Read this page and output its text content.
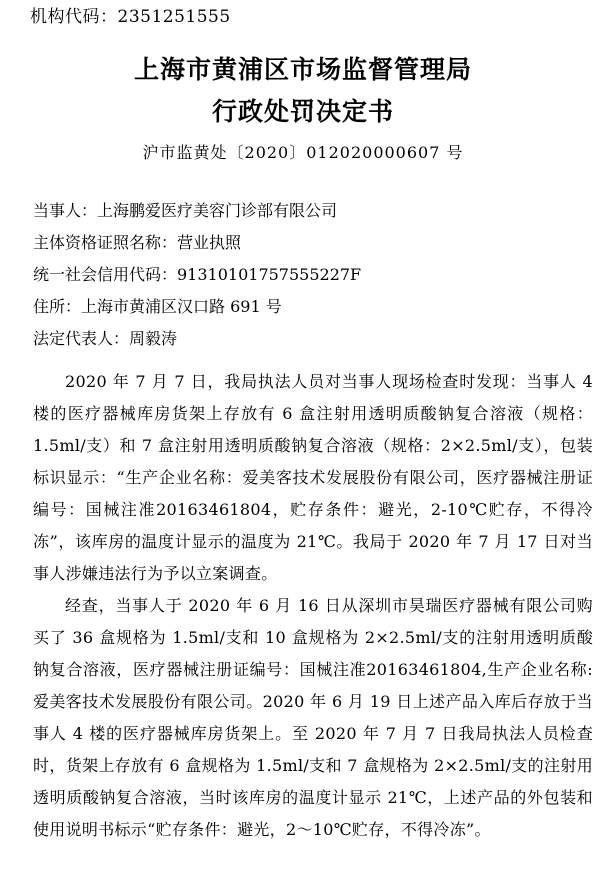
机构代码：2351251555
上海市黄浦区市场监督管理局
行政处罚决定书
沪市监黄处〔2020〕012020000607 号
当事人：上海鹏爱医疗美容门诊部有限公司
主体资格证照名称：营业执照
统一社会信用代码：91310101757555227F
住所：上海市黄浦区汉口路 691 号
法定代表人：周毅涛

2020 年 7 月 7 日，我局执法人员对当事人现场检查时发现：当事人 4 楼的医疗器械库房货架上存放有 6 盒注射用透明质酸钠复合溶液（规格：1.5ml/支）和 7 盒注射用透明质酸钠复合溶液（规格：2×2.5ml/支），包装标识显示：“生产企业名称：爱美客技术发展股份有限公司，医疗器械注册证编号：国械注准20163461804，贮存条件：避光，2-10℃贮存，不得冷冻”，该库房的温度计显示的温度为 21℃。我局于 2020 年 7 月 17 日对当事人涉嫌违法行为予以立案调查。

经查，当事人于 2020 年 6 月 16 日从深圳市昊瑞医疗器械有限公司购买了 36 盒规格为 1.5ml/支和 10 盒规格为 2×2.5ml/支的注射用透明质酸钠复合溶液，医疗器械注册证编号：国械注准20163461804,生产企业名称:爱美客技术发展股份有限公司。2020 年 6 月 19 日上述产品入库后存放于当事人 4 楼的医疗器械库房货架上。至 2020 年 7 月 7 日我局执法人员检查时，货架上存放有 6 盒规格为 1.5ml/支和 7 盒规格为 2×2.5ml/支的注射用透明质酸钠复合溶液，当时该库房的温度计显示 21℃，上述产品的外包装和使用说明书标示“贮存条件：避光，2～10℃贮存，不得冷冻”。
